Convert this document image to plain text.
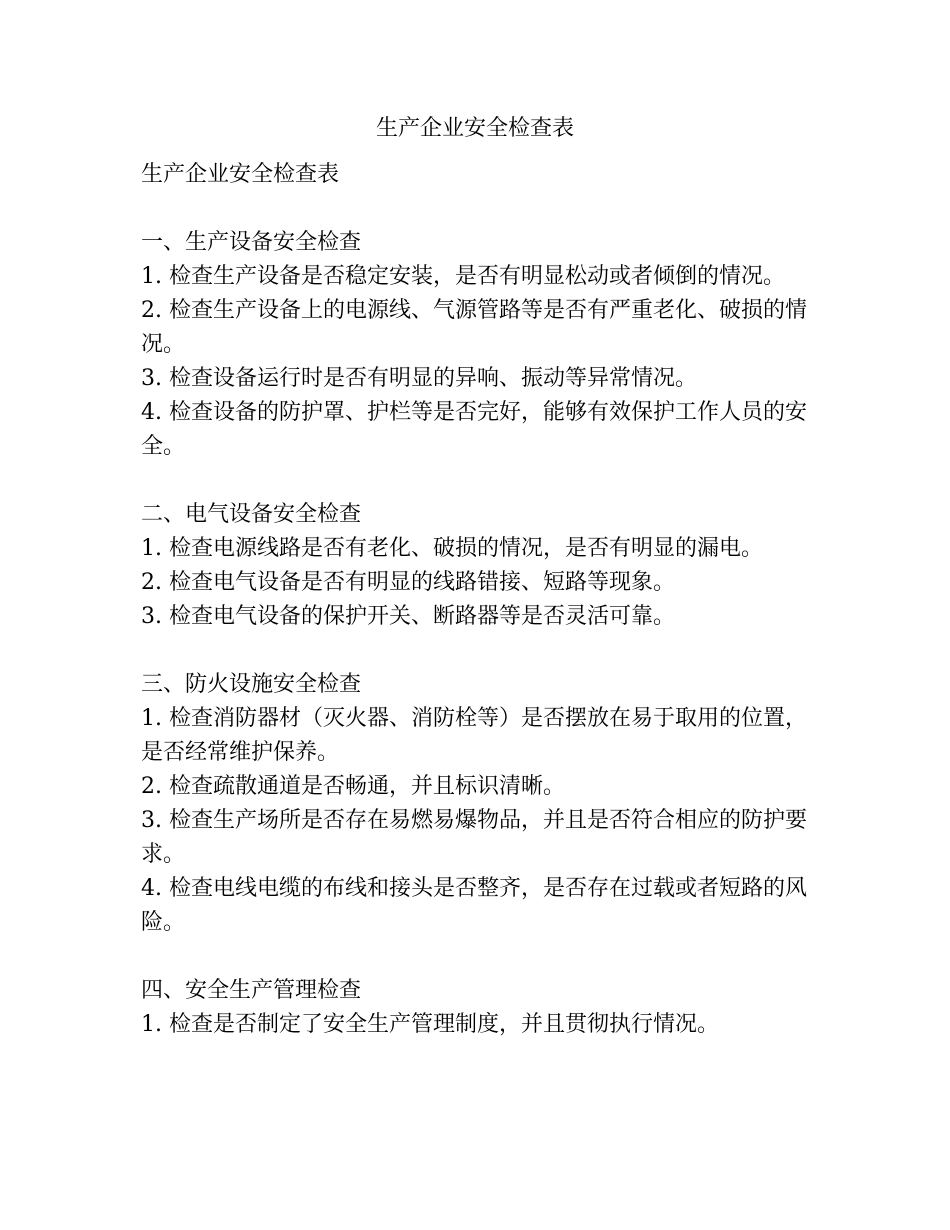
生产企业安全检查表

生产企业安全检查表

一、生产设备安全检查

1. 检查生产设备是否稳定安装，是否有明显松动或者倾倒的情况。

2. 检查生产设备上的电源线、气源管路等是否有严重老化、破损的情况。

3. 检查设备运行时是否有明显的异响、振动等异常情况。

4. 检查设备的防护罩、护栏等是否完好，能够有效保护工作人员的安全。

二、电气设备安全检查

1. 检查电源线路是否有老化、破损的情况，是否有明显的漏电。

2. 检查电气设备是否有明显的线路错接、短路等现象。

3. 检查电气设备的保护开关、断路器等是否灵活可靠。

三、防火设施安全检查

1. 检查消防器材（灭火器、消防栓等）是否摆放在易于取用的位置，是否经常维护保养。

2. 检查疏散通道是否畅通，并且标识清晰。

3. 检查生产场所是否存在易燃易爆物品，并且是否符合相应的防护要求。

4. 检查电线电缆的布线和接头是否整齐，是否存在过载或者短路的风险。

四、安全生产管理检查

1. 检查是否制定了安全生产管理制度，并且贯彻执行情况。
